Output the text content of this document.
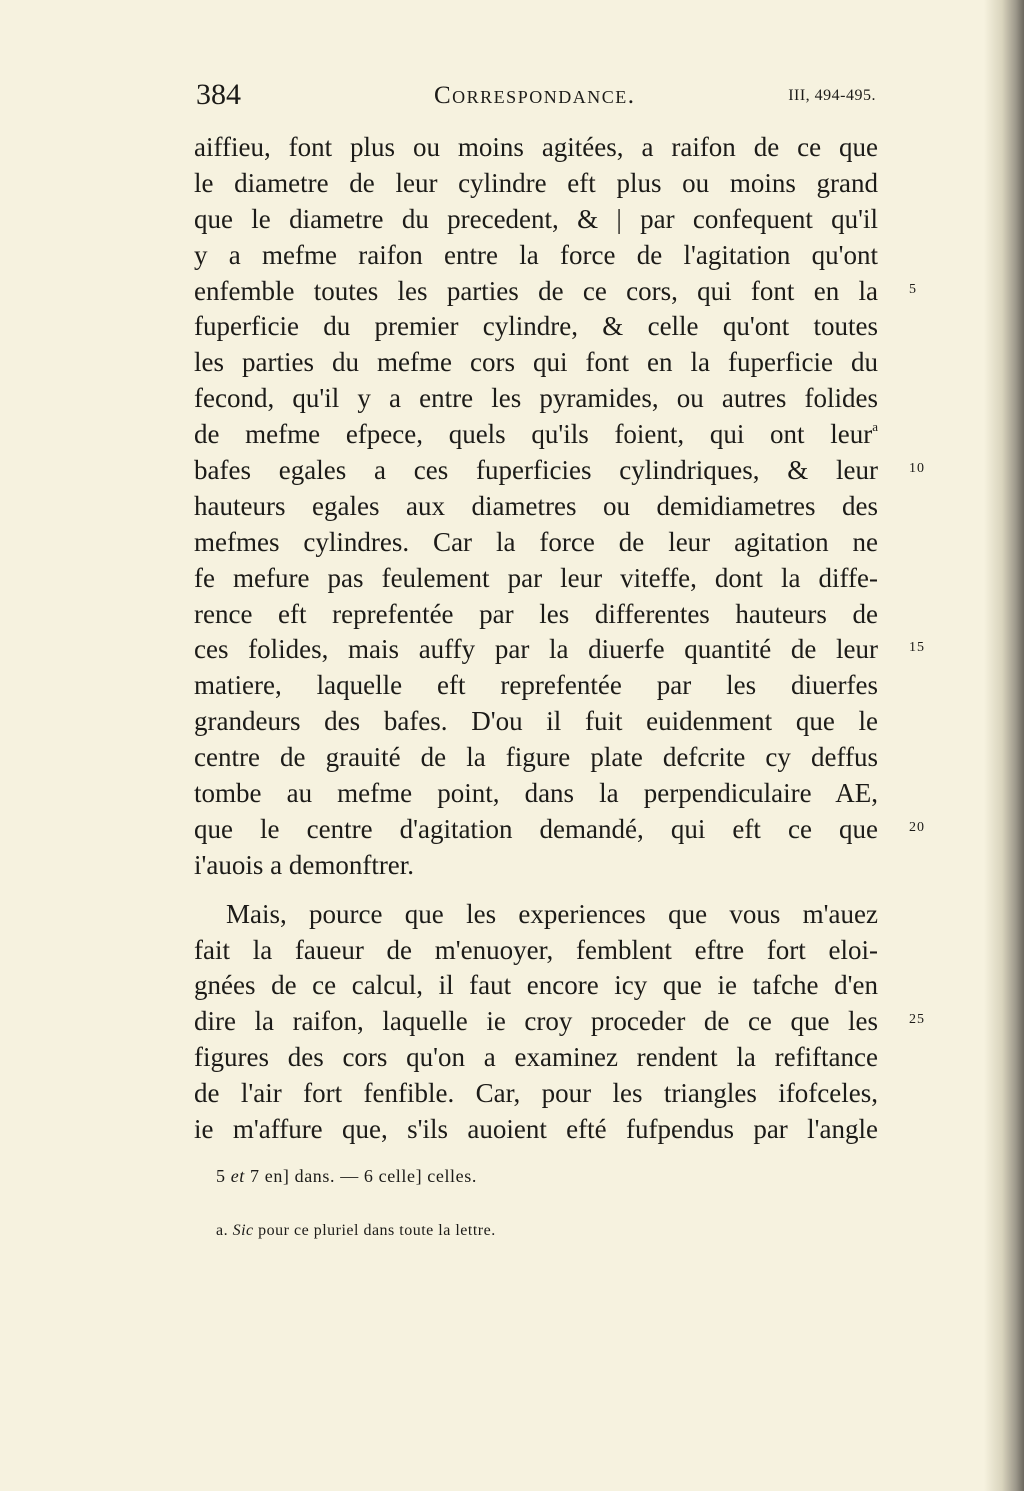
384	Correspondance.	III, 494-495.
aiffieu, font plus ou moins agitées, a raifon de ce que
le diametre de leur cylindre eft plus ou moins grand
que le diametre du precedent, & | par confequent qu'il
y a mefme raifon entre la force de l'agitation qu'ont
enfemble toutes les parties de ce cors, qui font en la 5
fuperficie du premier cylindre, & celle qu'ont toutes
les parties du mefme cors qui font en la fuperficie du
fecond, qu'il y a entre les pyramides, ou autres folides
de mefme efpece, quels qu'ils foient, qui ont leur$^a$
bafes egales a ces fuperficies cylindriques, & leur 10
hauteurs egales aux diametres ou demidiametres des
mefmes cylindres. Car la force de leur agitation ne
fe mefure pas feulement par leur viteffe, dont la diffe-
rence eft reprefentée par les differentes hauteurs de
ces folides, mais auffy par la diuerfe quantité de leur 15
matiere, laquelle eft reprefentée par les diuerfes
grandeurs des bafes. D'ou il fuit euidenment que le
centre de grauité de la figure plate defcrite cy deffus
tombe au mefme point, dans la perpendiculaire AE,
que le centre d'agitation demandé, qui eft ce que 20
i'auois a demonftrer.
Mais, pource que les experiences que vous m'auez
fait la faueur de m'enuoyer, femblent eftre fort eloi-
gnées de ce calcul, il faut encore icy que ie tafche d'en
dire la raifon, laquelle ie croy proceder de ce que les 25
figures des cors qu'on a examinez rendent la refiftance
de l'air fort fenfible. Car, pour les triangles ifofceles,
ie m'affure que, s'ils auoient efté fufpendus par l'angle
5 et 7 en] dans. — 6 celle] celles.
a. Sic pour ce pluriel dans toute la lettre.
